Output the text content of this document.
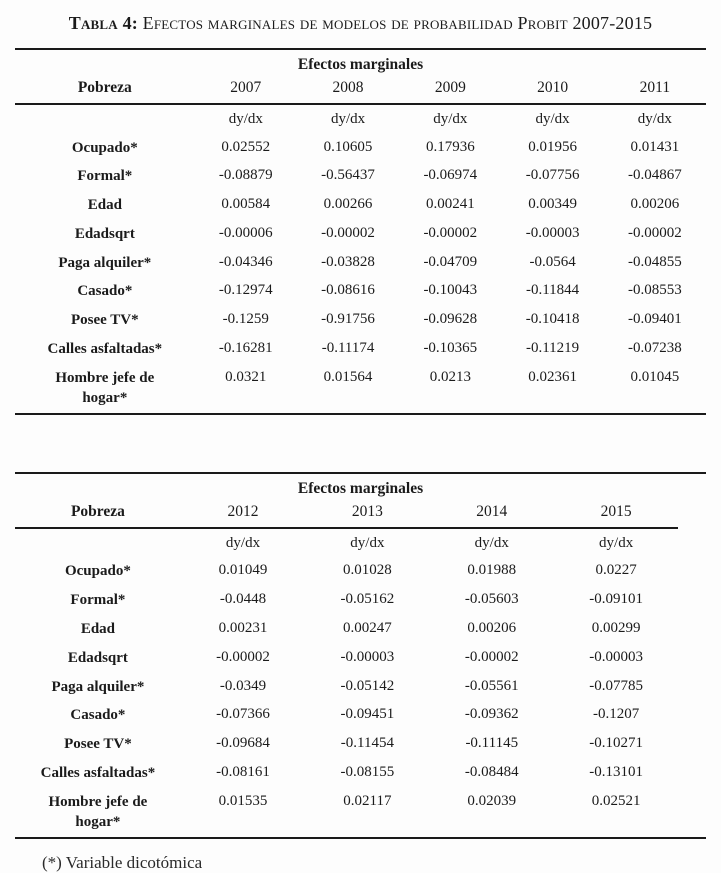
Tabla 4: Efectos marginales de modelos de probabilidad Probit 2007-2015
Efectos marginales					
Pobreza	2007	2008	2009	2010	2011
	dy/dx	dy/dx	dy/dx	dy/dx	dy/dx
Ocupado*	0.02552	0.10605	0.17936	0.01956	0.01431
Formal*	-0.08879	-0.56437	-0.06974	-0.07756	-0.04867
Edad	0.00584	0.00266	0.00241	0.00349	0.00206
Edadsqrt	-0.00006	-0.00002	-0.00002	-0.00003	-0.00002
Paga alquiler*	-0.04346	-0.03828	-0.04709	-0.0564	-0.04855
Casado*	-0.12974	-0.08616	-0.10043	-0.11844	-0.08553
Posee TV*	-0.1259	-0.91756	-0.09628	-0.10418	-0.09401
Calles asfaltadas*	-0.16281	-0.11174	-0.10365	-0.11219	-0.07238
Hombre jefe de hogar*	0.0321	0.01564	0.0213	0.02361	0.01045
Efectos marginales				
Pobreza	2012	2013	2014	2015
	dy/dx	dy/dx	dy/dx	dy/dx
Ocupado*	0.01049	0.01028	0.01988	0.0227
Formal*	-0.0448	-0.05162	-0.05603	-0.09101
Edad	0.00231	0.00247	0.00206	0.00299
Edadsqrt	-0.00002	-0.00003	-0.00002	-0.00003
Paga alquiler*	-0.0349	-0.05142	-0.05561	-0.07785
Casado*	-0.07366	-0.09451	-0.09362	-0.1207
Posee TV*	-0.09684	-0.11454	-0.11145	-0.10271
Calles asfaltadas*	-0.08161	-0.08155	-0.08484	-0.13101
Hombre jefe de hogar*	0.01535	0.02117	0.02039	0.02521
(*) Variable dicotómica
